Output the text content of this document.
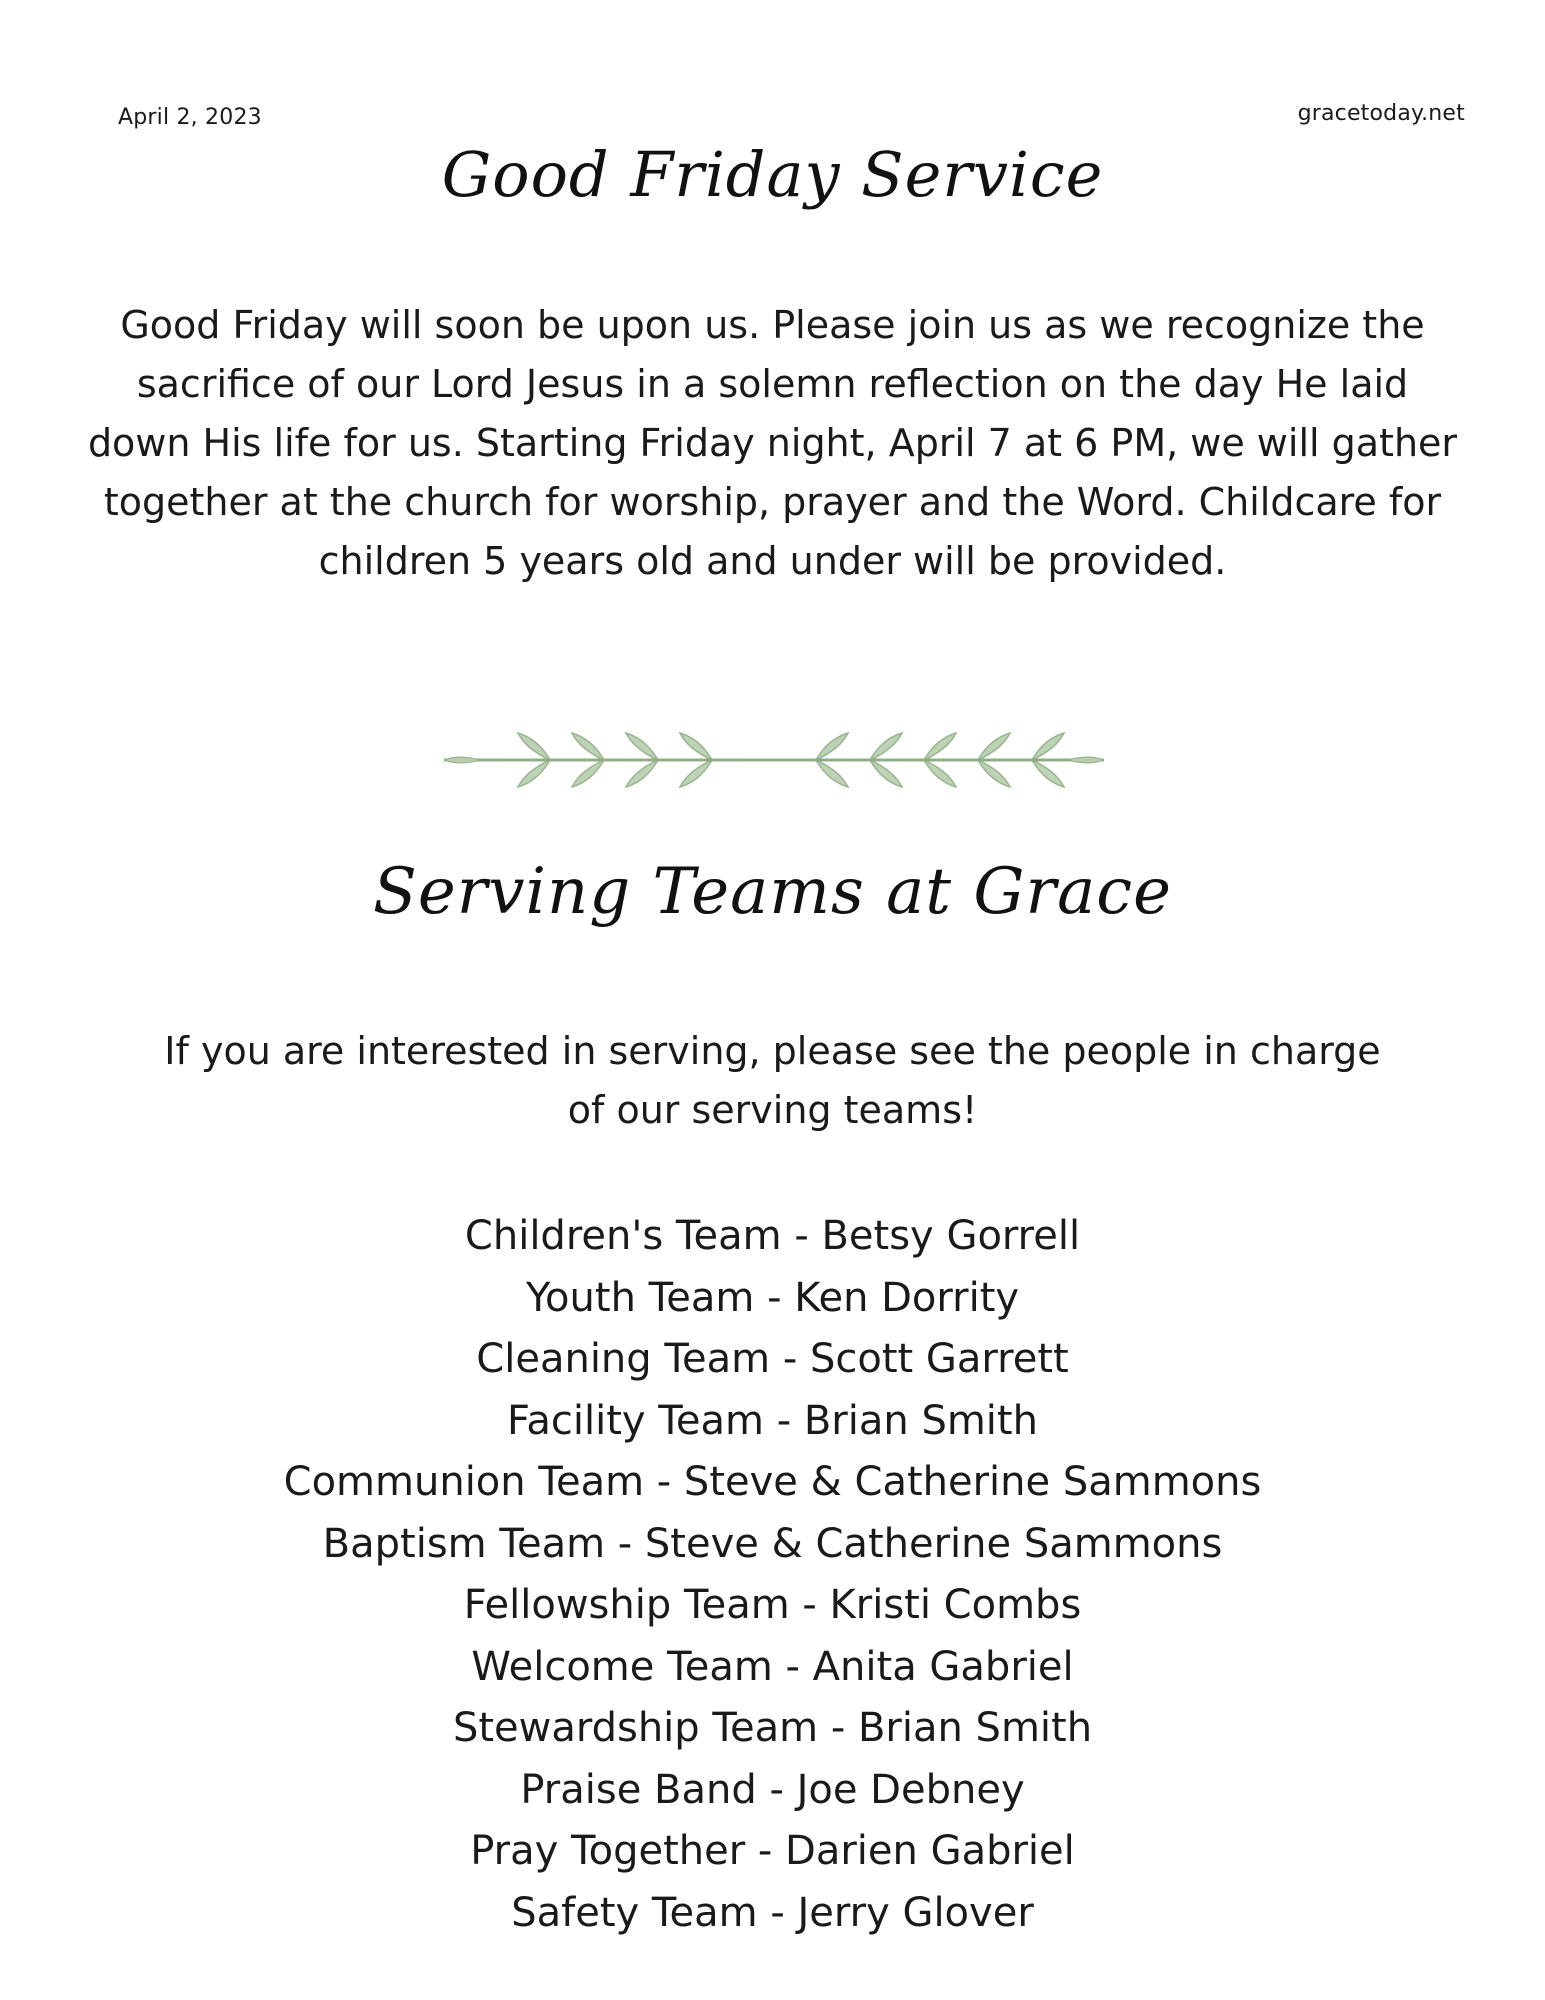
April 2, 2023	gracetoday.net
Good Friday Service

Good Friday will soon be upon us. Please join us as we recognize the sacrifice of our Lord Jesus in a solemn reflection on the day He laid down His life for us. Starting Friday night, April 7 at 6 PM, we will gather together at the church for worship, prayer and the Word. Childcare for children 5 years old and under will be provided.

Serving Teams at Grace

If you are interested in serving, please see the people in charge of our serving teams!

Children's Team - Betsy Gorrell
Youth Team - Ken Dorrity
Cleaning Team - Scott Garrett
Facility Team - Brian Smith
Communion Team - Steve & Catherine Sammons
Baptism Team - Steve & Catherine Sammons
Fellowship Team - Kristi Combs
Welcome Team - Anita Gabriel
Stewardship Team - Brian Smith
Praise Band - Joe Debney
Pray Together - Darien Gabriel
Safety Team - Jerry Glover
